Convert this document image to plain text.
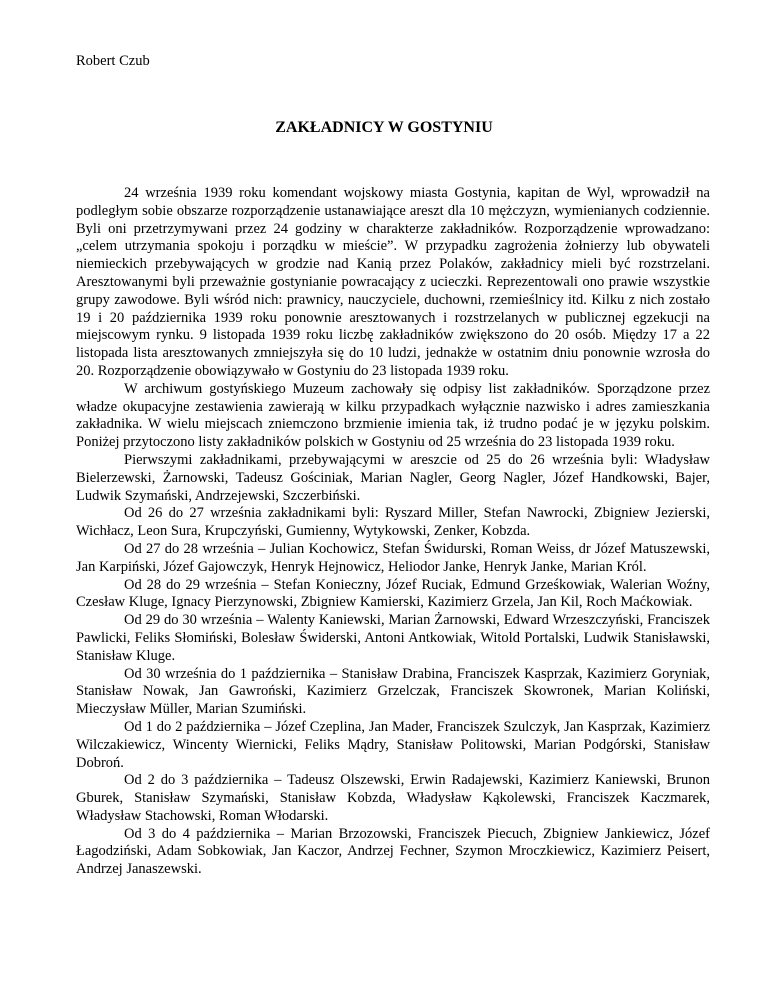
Robert Czub

ZAKŁADNICY W GOSTYNIU

24 września 1939 roku komendant wojskowy miasta Gostynia, kapitan de Wyl, wprowadził na podległym sobie obszarze rozporządzenie ustanawiające areszt dla 10 mężczyzn, wymienianych codziennie. Byli oni przetrzymywani przez 24 godziny w charakterze zakładników. Rozporządzenie wprowadzano: „celem utrzymania spokoju i porządku w mieście”. W przypadku zagrożenia żołnierzy lub obywateli niemieckich przebywających w grodzie nad Kanią przez Polaków, zakładnicy mieli być rozstrzelani. Aresztowanymi byli przeważnie gostynianie powracający z ucieczki. Reprezentowali ono prawie wszystkie grupy zawodowe. Byli wśród nich: prawnicy, nauczyciele, duchowni, rzemieślnicy itd. Kilku z nich zostało 19 i 20 października 1939 roku ponownie aresztowanych i rozstrzelanych w publicznej egzekucji na miejscowym rynku. 9 listopada 1939 roku liczbę zakładników zwiększono do 20 osób. Między 17 a 22 listopada lista aresztowanych zmniejszyła się do 10 ludzi, jednakże w ostatnim dniu ponownie wzrosła do 20. Rozporządzenie obowiązywało w Gostyniu do 23 listopada 1939 roku.

W archiwum gostyńskiego Muzeum zachowały się odpisy list zakładników. Sporządzone przez władze okupacyjne zestawienia zawierają w kilku przypadkach wyłącznie nazwisko i adres zamieszkania zakładnika. W wielu miejscach zniemczono brzmienie imienia tak, iż trudno podać je w języku polskim. Poniżej przytoczono listy zakładników polskich w Gostyniu od 25 września do 23 listopada 1939 roku.

Pierwszymi zakładnikami, przebywającymi w areszcie od 25 do 26 września byli: Władysław Bielerzewski, Żarnowski, Tadeusz Gościniak, Marian Nagler, Georg Nagler, Józef Handkowski, Bajer, Ludwik Szymański, Andrzejewski, Szczerbiński.

Od 26 do 27 września zakładnikami byli: Ryszard Miller, Stefan Nawrocki, Zbigniew Jezierski, Wichłacz, Leon Sura, Krupczyński, Gumienny, Wytykowski, Zenker, Kobzda.

Od 27 do 28 września – Julian Kochowicz, Stefan Świdurski, Roman Weiss, dr Józef Matuszewski, Jan Karpiński, Józef Gajowczyk, Henryk Hejnowicz, Heliodor Janke, Henryk Janke, Marian Król.

Od 28 do 29 września – Stefan Konieczny, Józef Ruciak, Edmund Grześkowiak, Walerian Woźny, Czesław Kluge, Ignacy Pierzynowski, Zbigniew Kamierski, Kazimierz Grzela, Jan Kil, Roch Maćkowiak.

Od 29 do 30 września – Walenty Kaniewski, Marian Żarnowski, Edward Wrzeszczyński, Franciszek Pawlicki, Feliks Słomiński, Bolesław Świderski, Antoni Antkowiak, Witold Portalski, Ludwik Stanisławski, Stanisław Kluge.

Od 30 września do 1 października – Stanisław Drabina, Franciszek Kasprzak, Kazimierz Goryniak, Stanisław Nowak, Jan Gawroński, Kazimierz Grzelczak, Franciszek Skowronek, Marian Koliński, Mieczysław Müller, Marian Szumiński.

Od 1 do 2 października – Józef Czeplina, Jan Mader, Franciszek Szulczyk, Jan Kasprzak, Kazimierz Wilczakiewicz, Wincenty Wiernicki, Feliks Mądry, Stanisław Politowski, Marian Podgórski, Stanisław Dobroń.

Od 2 do 3 października – Tadeusz Olszewski, Erwin Radajewski, Kazimierz Kaniewski, Brunon Gburek, Stanisław Szymański, Stanisław Kobzda, Władysław Kąkolewski, Franciszek Kaczmarek, Władysław Stachowski, Roman Włodarski.

Od 3 do 4 października – Marian Brzozowski, Franciszek Piecuch, Zbigniew Jankiewicz, Józef Łagodziński, Adam Sobkowiak, Jan Kaczor, Andrzej Fechner, Szymon Mroczkiewicz, Kazimierz Peisert, Andrzej Janaszewski.
